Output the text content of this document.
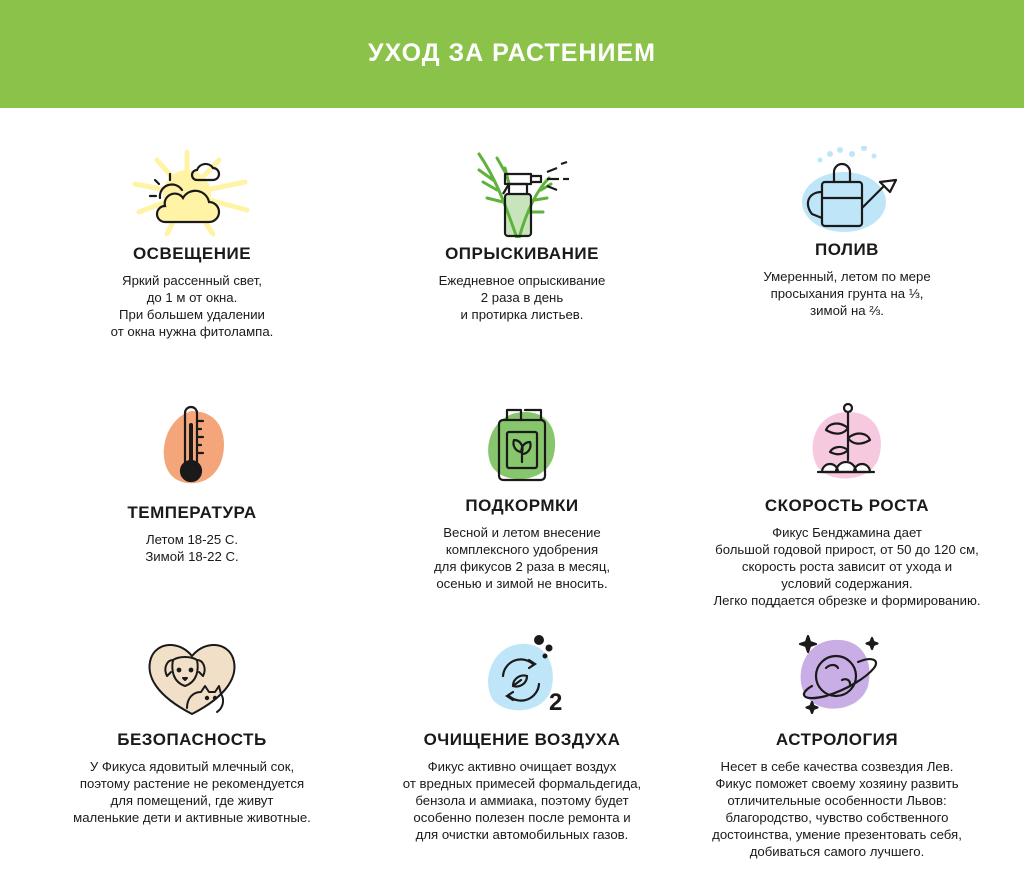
УХОД ЗА РАСТЕНИЕМ
ОСВЕЩЕНИЕ
Яркий рассенный свет,
до 1 м от окна.
При большем удалении
от окна нужна фитолампа.
ОПРЫСКИВАНИЕ
Ежедневное опрыскивание
2 раза в день
и протирка листьев.
ПОЛИВ
Умеренный, летом по мере
просыхания грунта на ⅓,
зимой на ⅔.
ТЕМПЕРАТУРА
Летом 18-25 С.
Зимой 18-22 С.
ПОДКОРМКИ
Весной и летом внесение
комплексного удобрения
для фикусов 2 раза в месяц,
осенью и зимой не вносить.
СКОРОСТЬ РОСТА
Фикус Бенджамина дает
большой годовой прирост, от 50 до 120 см,
скорость роста зависит от ухода и
условий содержания.
Легко поддается обрезке и формированию.
БЕЗОПАСНОСТЬ
У Фикуса ядовитый млечный сок,
поэтому растение не рекомендуется
для помещений, где живут
маленькие дети и активные животные.
2
ОЧИЩЕНИЕ ВОЗДУХА
Фикус активно очищает воздух
от вредных примесей формальдегида,
бензола и аммиака, поэтому будет
особенно полезен после ремонта и
для очистки автомобильных газов.
АСТРОЛОГИЯ
Несет в себе качества созвездия Лев.
Фикус поможет своему хозяину развить
отличительные особенности Львов:
благородство, чувство собственного
достоинства, умение презентовать себя,
добиваться самого лучшего.
